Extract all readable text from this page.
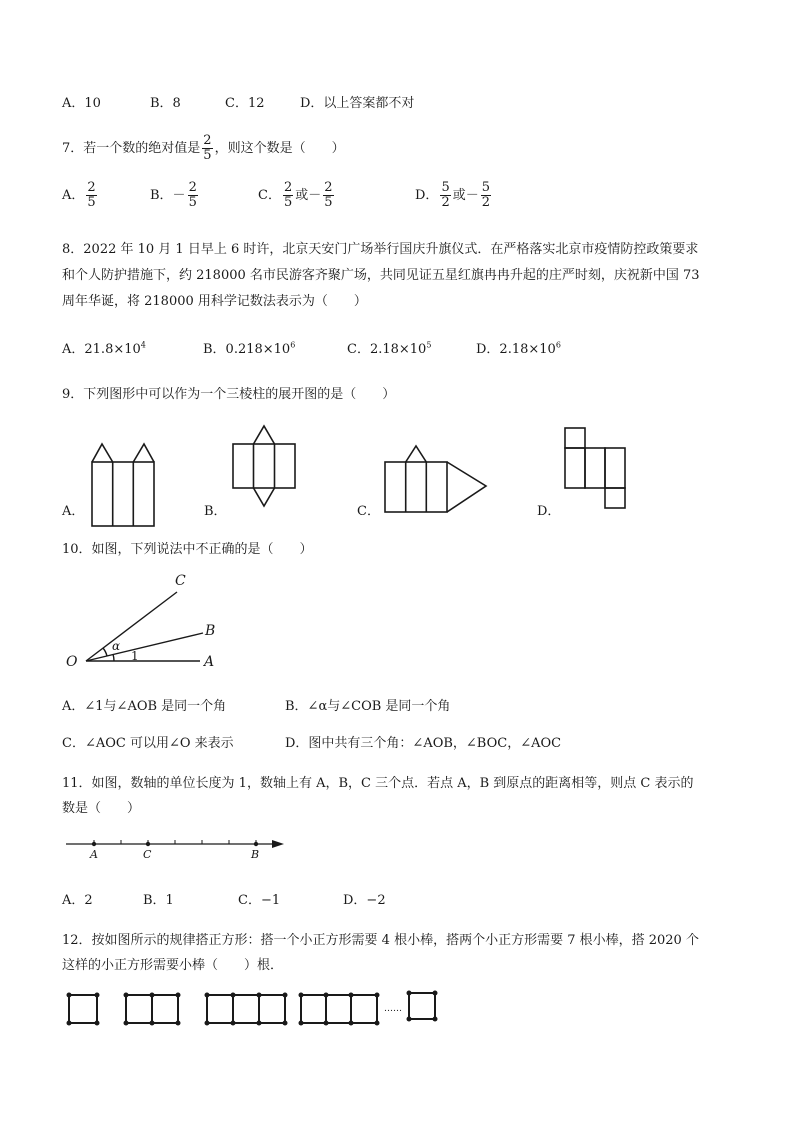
A．10	B．8	C．12	D．以上答案都不对
7．若一个数的绝对值是 $\frac{2}{5}$ ，则这个数是（　　）
A． $\frac{2}{5}$	B．－ $\frac{2}{5}$	C． $\frac{2}{5}$ 或－ $\frac{2}{5}$	D． $\frac{5}{2}$ 或－ $\frac{5}{2}$
8．2022 年 10 月 1 日早上 6 时许，北京天安门广场举行国庆升旗仪式．在严格落实北京市疫情防控政策要求
和个人防护措施下，约 218000 名市民游客齐聚广场，共同见证五星红旗冉冉升起的庄严时刻，庆祝新中国 73
周年华诞，将 218000 用科学记数法表示为（　　）
A．$21.8\times 10^4$	B．$0.218\times 10^6$	C．$2.18\times 10^5$	D．$2.18\times 10^6$
9．下列图形中可以作为一个三棱柱的展开图的是（　　）
A．	B．	C．	D．
10．如图，下列说法中不正确的是（　　）
C
B
A
O
α
1
A．∠1与∠AOB 是同一个角	B．∠α与∠COB 是同一个角
C．∠AOC 可以用∠O 来表示	D．图中共有三个角：∠AOB，∠BOC，∠AOC
11．如图，数轴的单位长度为 1，数轴上有 A，B，C 三个点．若点 A，B 到原点的距离相等，则点 C 表示的
数是（　　）
A	C	B
A．2	B．1	C．−1	D．−2
12．按如图所示的规律搭正方形：搭一个小正方形需要 4 根小棒，搭两个小正方形需要 7 根小棒，搭 2020 个
这样的小正方形需要小棒（　　）根．
……
